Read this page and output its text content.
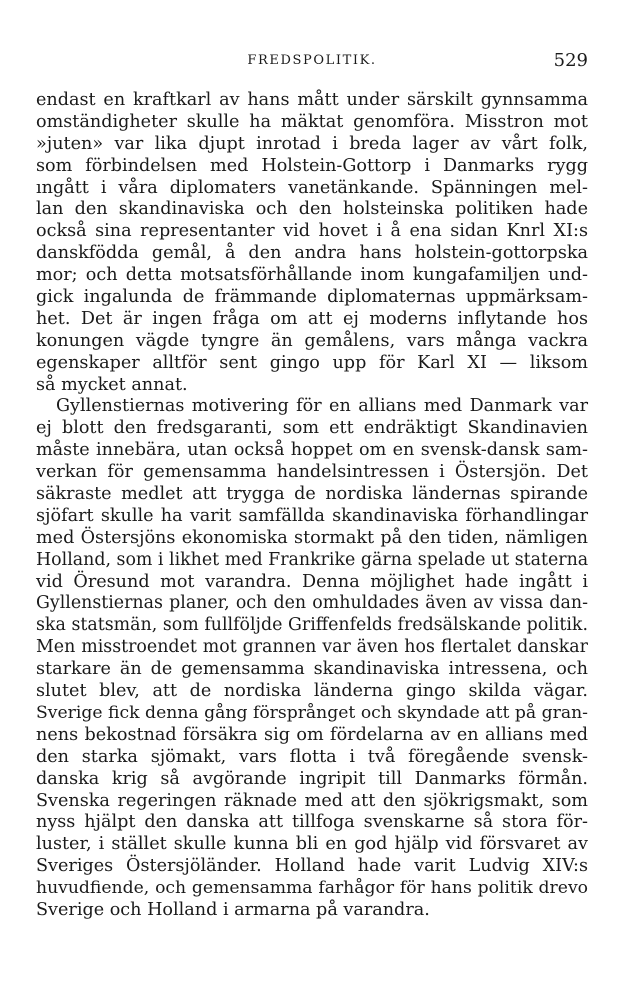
FREDSPOLITIK.	529
endast en kraftkarl av hans mått under särskilt gynnsamma
omständigheter skulle ha mäktat genomföra. Misstron mot
»juten» var lika djupt inrotad i breda lager av vårt folk,
som förbindelsen med Holstein-Gottorp i Danmarks rygg
ıngått i våra diplomaters vanetänkande. Spänningen mel-
lan den skandinaviska och den holsteinska politiken hade
också sina representanter vid hovet i å ena sidan Knrl XI:s
danskfödda gemål, å den andra hans holstein-gottorpska
mor; och detta motsatsförhållande inom kungafamiljen und-
gick ingalunda de främmande diplomaternas uppmärksam-
het. Det är ingen fråga om att ej moderns inflytande hos
konungen vägde tyngre än gemålens, vars många vackra
egenskaper alltför sent gingo upp för Karl XI — liksom
så mycket annat.
Gyllenstiernas motivering för en allians med Danmark var
ej blott den fredsgaranti, som ett endräktigt Skandinavien
måste innebära, utan också hoppet om en svensk-dansk sam-
verkan för gemensamma handelsintressen i Östersjön. Det
säkraste medlet att trygga de nordiska ländernas spirande
sjöfart skulle ha varit samfällda skandinaviska förhandlingar
med Östersjöns ekonomiska stormakt på den tiden, nämligen
Holland, som i likhet med Frankrike gärna spelade ut staterna
vid Öresund mot varandra. Denna möjlighet hade ingått i
Gyllenstiernas planer, och den omhuldades även av vissa dan-
ska statsmän, som fullföljde Griffenfelds fredsälskande politik.
Men misstroendet mot grannen var även hos flertalet danskar
starkare än de gemensamma skandinaviska intressena, och
slutet blev, att de nordiska länderna gingo skilda vägar.
Sverige fick denna gång försprånget och skyndade att på gran-
nens bekostnad försäkra sig om fördelarna av en allians med
den starka sjömakt, vars flotta i två föregående svensk-
danska krig så avgörande ingripit till Danmarks förmån.
Svenska regeringen räknade med att den sjökrigsmakt, som
nyss hjälpt den danska att tillfoga svenskarne så stora för-
luster, i stället skulle kunna bli en god hjälp vid försvaret av
Sveriges Östersjöländer. Holland hade varit Ludvig XIV:s
huvudfiende, och gemensamma farhågor för hans politik drevo
Sverige och Holland i armarna på varandra.
